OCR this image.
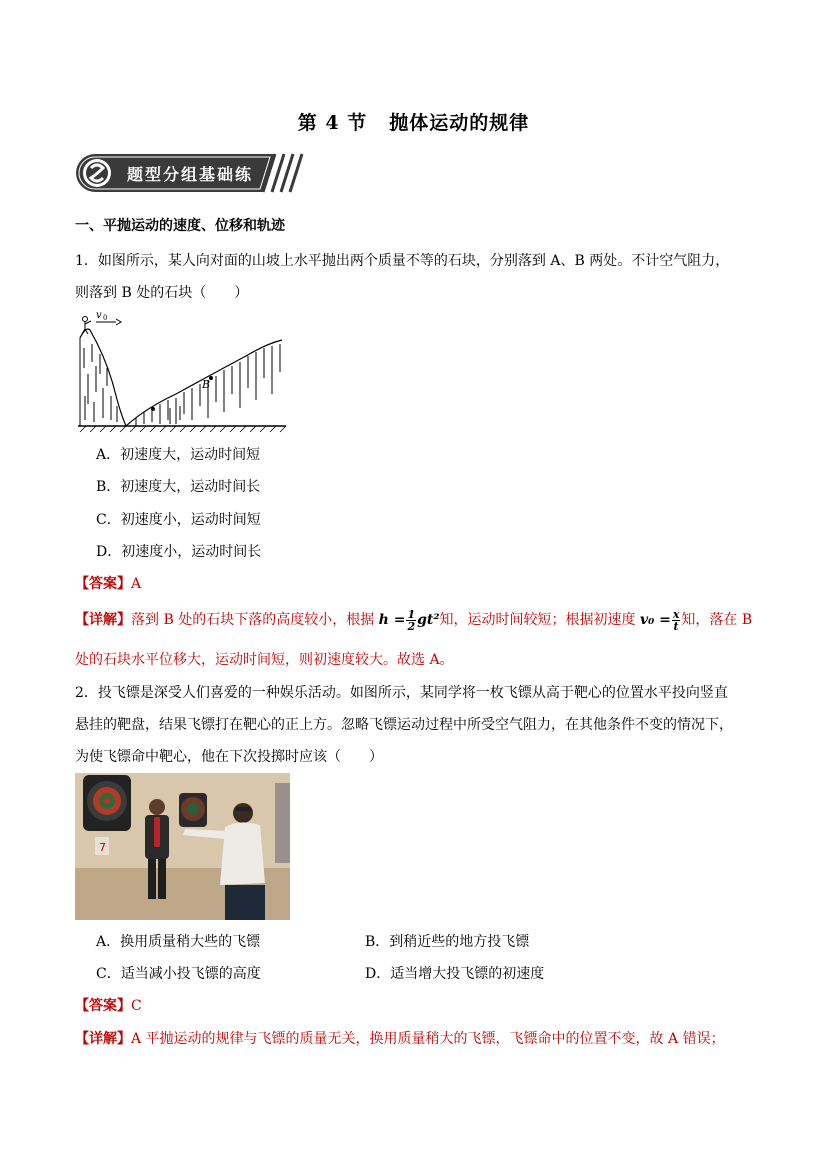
第 4 节 抛体运动的规律
题型分组基础练
一、平抛运动的速度、位移和轨迹
1．如图所示，某人向对面的山坡上水平抛出两个质量不等的石块，分别落到 A、B 两处。不计空气阻力，
则落到 B 处的石块（　　）
v 0
B
A．初速度大，运动时间短
B．初速度大，运动时间长
C．初速度小，运动时间短
D．初速度小，运动时间长
【答案】A
【详解】落到 B 处的石块下落的高度较小，根据 $h = \frac{1}{2} gt^2$知，运动时间较短；根据初速度 $v_0 = \frac{x}{t}$ 知，落在 B
处的石块水平位移大，运动时间短，则初速度较大。故选 A。
2．投飞镖是深受人们喜爱的一种娱乐活动。如图所示，某同学将一枚飞镖从高于靶心的位置水平投向竖直
悬挂的靶盘，结果飞镖打在靶心的正上方。忽略飞镖运动过程中所受空气阻力，在其他条件不变的情况下，
为使飞镖命中靶心，他在下次投掷时应该（　　）
7
A．换用质量稍大些的飞镖	B．到稍近些的地方投飞镖
C．适当减小投飞镖的高度	D．适当增大投飞镖的初速度
【答案】C
【详解】A 平抛运动的规律与飞镖的质量无关，换用质量稍大的飞镖，飞镖命中的位置不变，故 A 错误；
